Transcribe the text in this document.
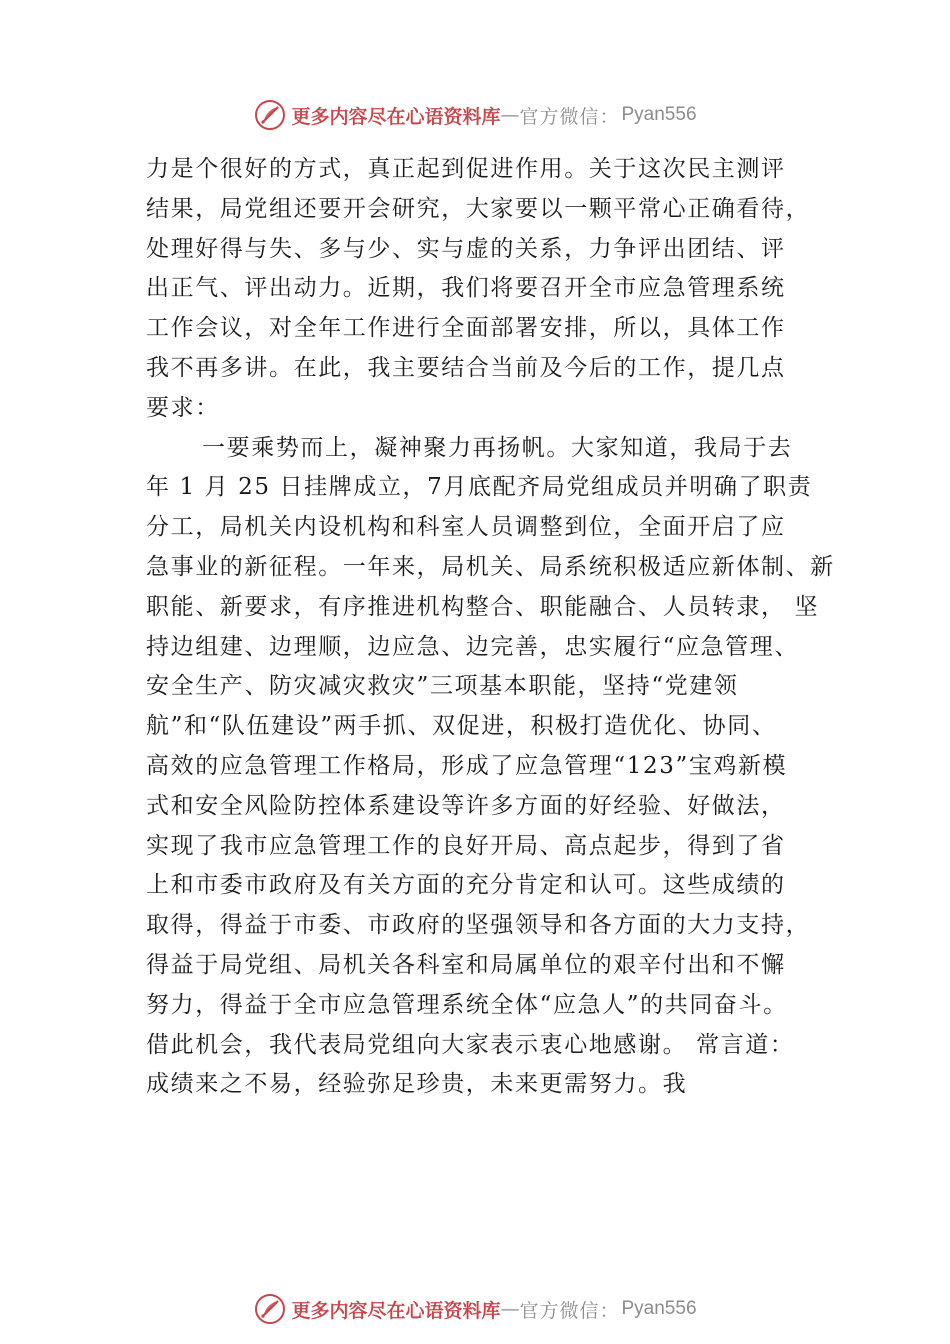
更多内容尽在心语资料库 — 官方微信： Pyan556
力是个很好的方式，真正起到促进作用。关于这次民主测评
结果，局党组还要开会研究，大家要以一颗平常心正确看待，
处理好得与失、多与少、实与虚的关系，力争评出团结、评
出正气、评出动力。近期，我们将要召开全市应急管理系统
工作会议，对全年工作进行全面部署安排，所以，具体工作
我不再多讲。在此，我主要结合当前及今后的工作，提几点
要求：
一要乘势而上，凝神聚力再扬帆。大家知道，我局于去
年 1 月 25 日挂牌成立，7月底配齐局党组成员并明确了职责
分工，局机关内设机构和科室人员调整到位，全面开启了应
急事业的新征程。一年来，局机关、局系统积极适应新体制、新
职能、新要求，有序推进机构整合、职能融合、人员转隶， 坚
持边组建、边理顺，边应急、边完善，忠实履行“应急管理、
安全生产、防灾减灾救灾”三项基本职能，坚持“党建领
航”和“队伍建设”两手抓、双促进，积极打造优化、协同、
高效的应急管理工作格局，形成了应急管理“123”宝鸡新模
式和安全风险防控体系建设等许多方面的好经验、好做法，
实现了我市应急管理工作的良好开局、高点起步，得到了省
上和市委市政府及有关方面的充分肯定和认可。这些成绩的
取得，得益于市委、市政府的坚强领导和各方面的大力支持，
得益于局党组、局机关各科室和局属单位的艰辛付出和不懈
努力，得益于全市应急管理系统全体“应急人”的共同奋斗。
借此机会，我代表局党组向大家表示衷心地感谢。 常言道：
成绩来之不易，经验弥足珍贵，未来更需努力。我
更多内容尽在心语资料库 — 官方微信： Pyan556
